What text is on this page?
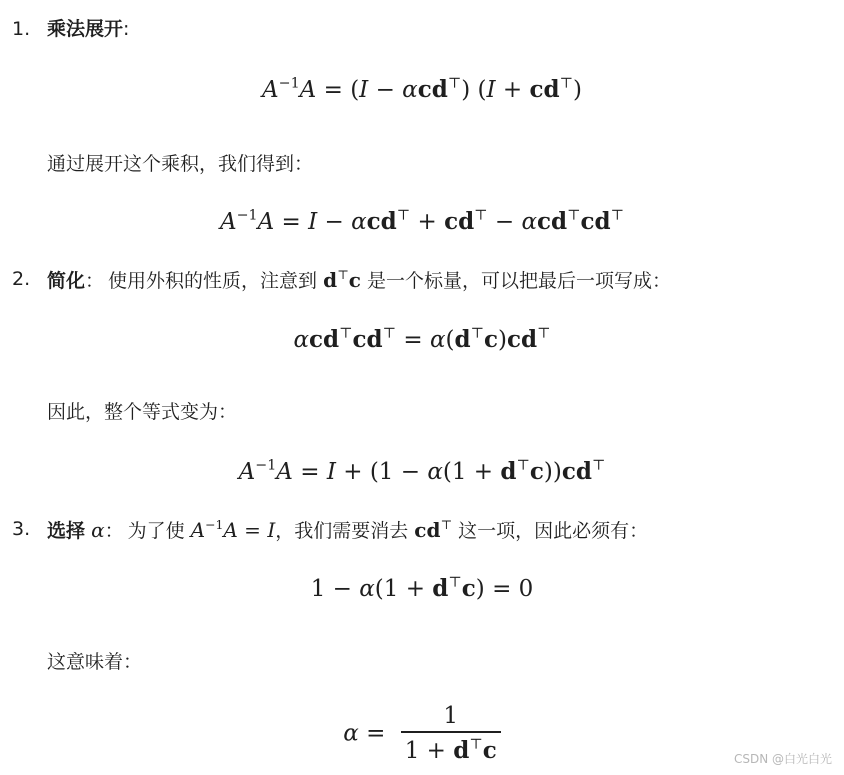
1. 乘法展开:
$A^{-1}A = (I - \alpha cd^⊤) (I + cd^⊤)$
通过展开这个乘积，我们得到：
$A^{-1}A = I - \alpha cd^⊤ + cd^⊤ - \alpha cd^⊤cd^⊤$
2. 简化： 使用外积的性质，注意到 d⊤c 是一个标量，可以把最后一项写成：
αcd⊤cd⊤ = α(d⊤c)cd⊤
因此，整个等式变为：
$A^{-1}A = I + (1 - \alpha(1 + d^⊤c))cd^⊤$
3. 选择 α： 为了使 $A^{-1}A = I$，我们需要消去 cd⊤ 这一项，因此必须有：
1 − α(1 + d⊤c) = 0
这意味着：
$\alpha = \frac{1}{1 + d^⊤c}$	CSDN @白光白光
